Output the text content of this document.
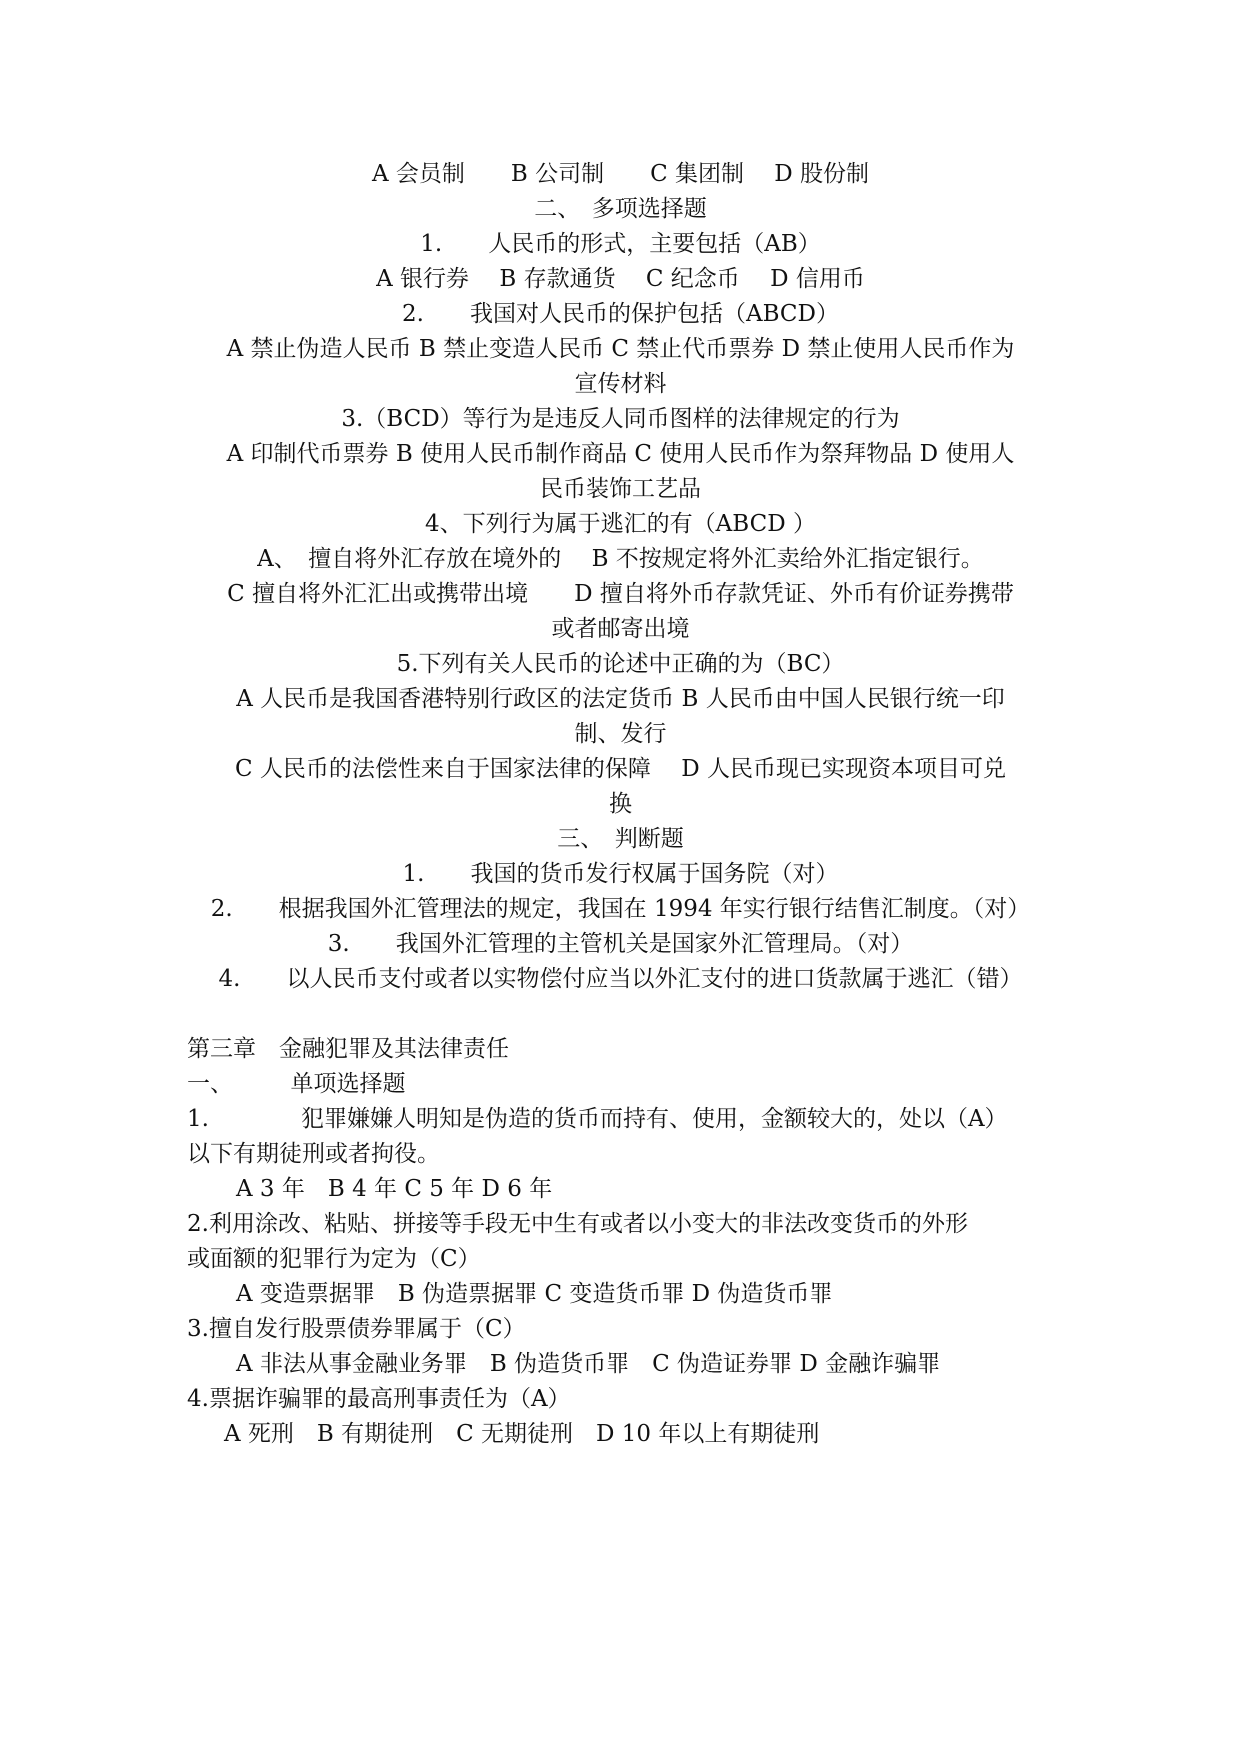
A 会员制　　B 公司制　　C 集团制　 D 股份制

二、　多项选择题

1.　　人民币的形式，主要包括（AB）

A 银行券　 B 存款通货　 C 纪念币　 D 信用币

2.　　我国对人民币的保护包括（ABCD）

A 禁止伪造人民币 B 禁止变造人民币 C 禁止代币票券 D 禁止使用人民币作为

宣传材料

3.（BCD）等行为是违反人同币图样的法律规定的行为

A 印制代币票券 B 使用人民币制作商品 C 使用人民币作为祭拜物品 D 使用人

民币装饰工艺品

4、下列行为属于逃汇的有（ABCD ）

A、　擅自将外汇存放在境外的　 B 不按规定将外汇卖给外汇指定银行。

C 擅自将外汇汇出或携带出境　　D 擅自将外币存款凭证、外币有价证券携带

或者邮寄出境

5.下列有关人民币的论述中正确的为（BC）

A 人民币是我国香港特别行政区的法定货币 B 人民币由中国人民银行统一印

制、发行

C 人民币的法偿性来自于国家法律的保障　 D 人民币现已实现资本项目可兑

换

三、　判断题

1.　　我国的货币发行权属于国务院（对）

2.　　根据我国外汇管理法的规定，我国在 1994 年实行银行结售汇制度。（对）

3.　　我国外汇管理的主管机关是国家外汇管理局。（对）

4.　　以人民币支付或者以实物偿付应当以外汇支付的进口货款属于逃汇（错）

第三章　金融犯罪及其法律责任

一、　　　单项选择题

1.　　　　犯罪嫌嫌人明知是伪造的货币而持有、使用，金额较大的，处以（A）

以下有期徒刑或者拘役。

A 3 年　B 4 年 C 5 年 D 6 年

2.利用涂改、粘贴、拼接等手段无中生有或者以小变大的非法改变货币的外形

或面额的犯罪行为定为（C）

A 变造票据罪　B 伪造票据罪 C 变造货币罪 D 伪造货币罪

3.擅自发行股票债券罪属于（C）

A 非法从事金融业务罪　B 伪造货币罪　C 伪造证券罪 D 金融诈骗罪

4.票据诈骗罪的最高刑事责任为（A）

A 死刑　B 有期徒刑　C 无期徒刑　D 10 年以上有期徒刑
